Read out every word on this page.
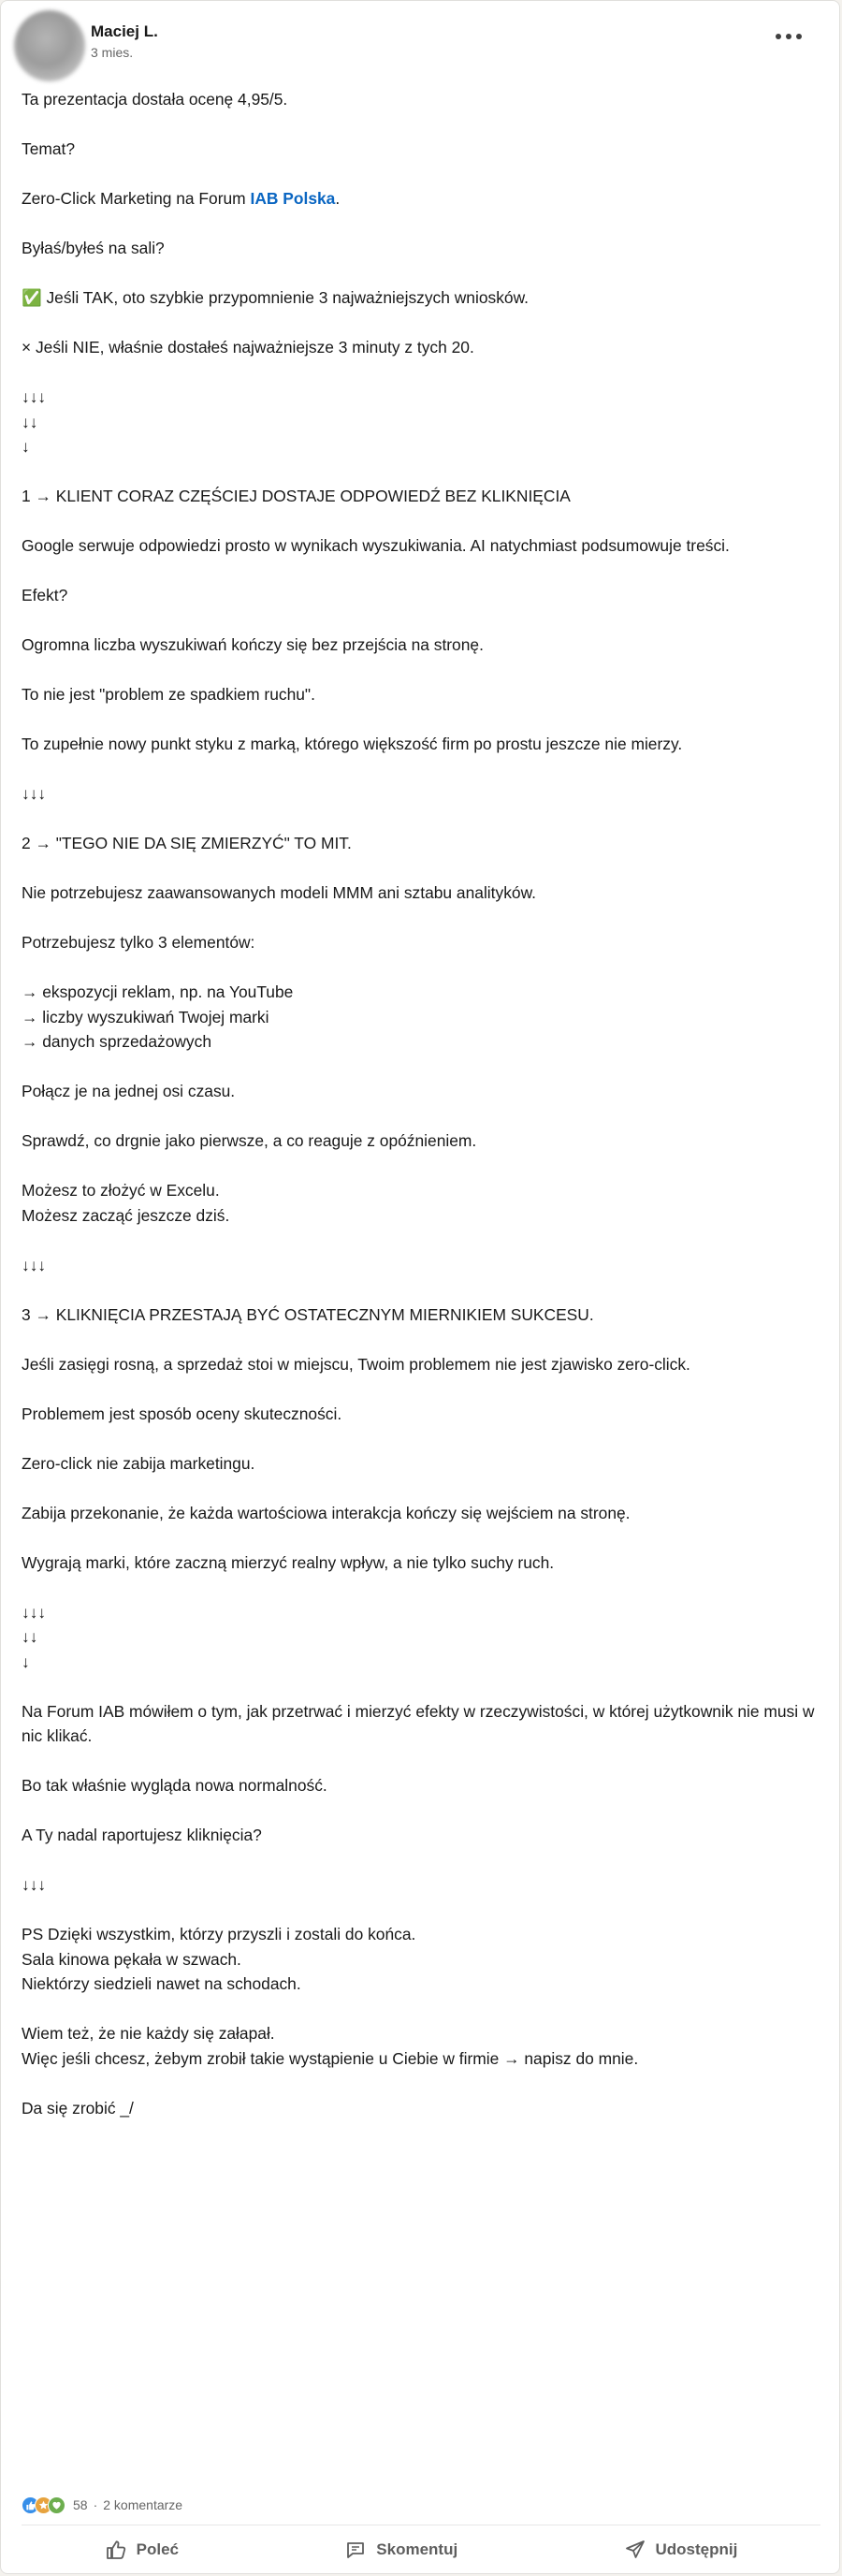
Maciej L.
3 mies.

Ta prezentacja dostała ocenę 4,95/5.

Temat?

Zero-Click Marketing na Forum IAB Polska.

Byłaś/byłeś na sali?

✅ Jeśli TAK, oto szybkie przypomnienie 3 najważniejszych wniosków.

× Jeśli NIE, właśnie dostałeś najważniejsze 3 minuty z tych 20.

↓↓↓

↓↓

↓

1 → KLIENT CORAZ CZĘŚCIEJ DOSTAJE ODPOWIEDŹ BEZ KLIKNIĘCIA

Google serwuje odpowiedzi prosto w wynikach wyszukiwania. AI natychmiast podsumowuje treści.

Efekt?

Ogromna liczba wyszukiwań kończy się bez przejścia na stronę.

To nie jest "problem ze spadkiem ruchu".

To zupełnie nowy punkt styku z marką, którego większość firm po prostu jeszcze nie mierzy.

↓↓↓

2 → "TEGO NIE DA SIĘ ZMIERZYĆ" TO MIT.

Nie potrzebujesz zaawansowanych modeli MMM ani sztabu analityków.

Potrzebujesz tylko 3 elementów:

→ ekspozycji reklam, np. na YouTube

→ liczby wyszukiwań Twojej marki

→ danych sprzedażowych

Połącz je na jednej osi czasu.

Sprawdź, co drgnie jako pierwsze, a co reaguje z opóźnieniem.

Możesz to złożyć w Excelu.

Możesz zacząć jeszcze dziś.

↓↓↓

3 → KLIKNIĘCIA PRZESTAJĄ BYĆ OSTATECZNYM MIERNIKIEM SUKCESU.

Jeśli zasięgi rosną, a sprzedaż stoi w miejscu, Twoim problemem nie jest zjawisko zero-click.

Problemem jest sposób oceny skuteczności.

Zero-click nie zabija marketingu.

Zabija przekonanie, że każda wartościowa interakcja kończy się wejściem na stronę.

Wygrają marki, które zaczną mierzyć realny wpływ, a nie tylko suchy ruch.

↓↓↓

↓↓

↓

Na Forum IAB mówiłem o tym, jak przetrwać i mierzyć efekty w rzeczywistości, w której użytkownik nie musi w nic klikać.

Bo tak właśnie wygląda nowa normalność.

A Ty nadal raportujesz kliknięcia?

↓↓↓

PS Dzięki wszystkim, którzy przyszli i zostali do końca.

Sala kinowa pękała w szwach.

Niektórzy siedzieli nawet na schodach.

Wiem też, że nie każdy się załapał.

Więc jeśli chcesz, żebym zrobił takie wystąpienie u Ciebie w firmie → napisz do mnie.

Da się zrobić _/

58 · 2 komentarze
Poleć	Skomentuj	Udostępnij
